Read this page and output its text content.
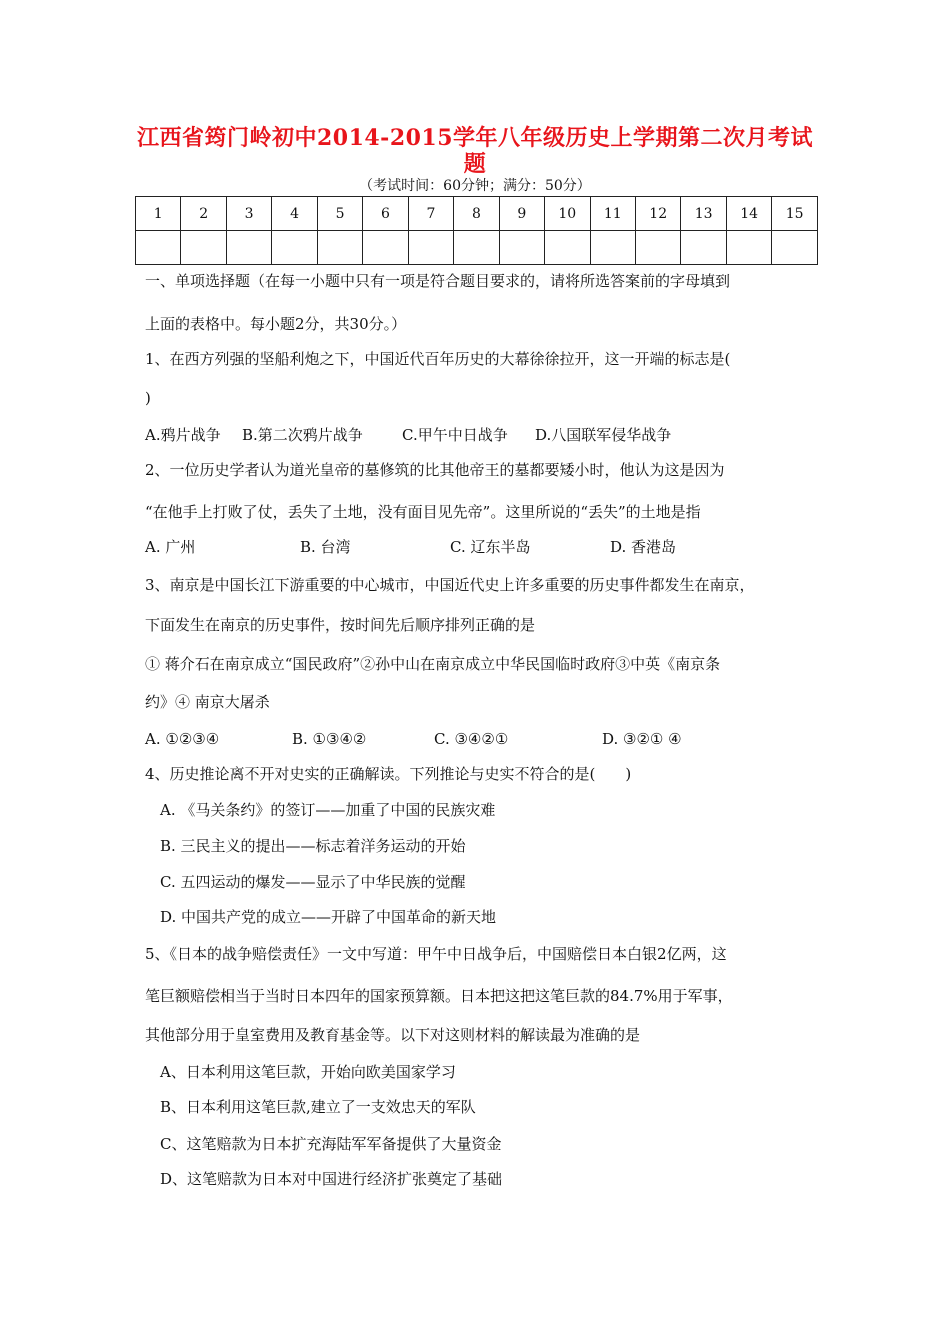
江西省筠门岭初中2014-2015学年八年级历史上学期第二次月考试
题
（考试时间：60分钟；满分：50分）
1	2	3	4	5	6	7	8	9	10	11	12	13	14	15

一、单项选择题（在每一小题中只有一项是符合题目要求的，请将所选答案前的字母填到
上面的表格中。每小题2分，共30分。）
1、在西方列强的坚船利炮之下，中国近代百年历史的大幕徐徐拉开，这一开端的标志是(
)
A.鸦片战争 B.第二次鸦片战争	C.甲午中日战争 D.八国联军侵华战争
2、一位历史学者认为道光皇帝的墓修筑的比其他帝王的墓都要矮小时，他认为这是因为
“在他手上打败了仗，丢失了土地，没有面目见先帝”。这里所说的“丢失”的土地是指
A. 广州	B. 台湾	C. 辽东半岛	D. 香港岛
3、南京是中国长江下游重要的中心城市，中国近代史上许多重要的历史事件都发生在南京，
下面发生在南京的历史事件，按时间先后顺序排列正确的是
① 蒋介石在南京成立“国民政府”②孙中山在南京成立中华民国临时政府③中英《南京条
约》④ 南京大屠杀
A. ①②③④	B. ①③④②	C. ③④②①	D. ③②① ④
4、历史推论离不开对史实的正确解读。下列推论与史实不符合的是(　　)
A. 《马关条约》的签订——加重了中国的民族灾难
B. 三民主义的提出——标志着洋务运动的开始
C. 五四运动的爆发——显示了中华民族的觉醒
D. 中国共产党的成立——开辟了中国革命的新天地
5、《日本的战争赔偿责任》一文中写道：甲午中日战争后，中国赔偿日本白银2亿两，这
笔巨额赔偿相当于当时日本四年的国家预算额。日本把这把这笔巨款的84.7%用于军事，
其他部分用于皇室费用及教育基金等。以下对这则材料的解读最为准确的是
A、日本利用这笔巨款，开始向欧美国家学习
B、日本利用这笔巨款,建立了一支效忠天的军队
C、这笔赔款为日本扩充海陆军军备提供了大量资金
D、这笔赔款为日本对中国进行经济扩张奠定了基础
